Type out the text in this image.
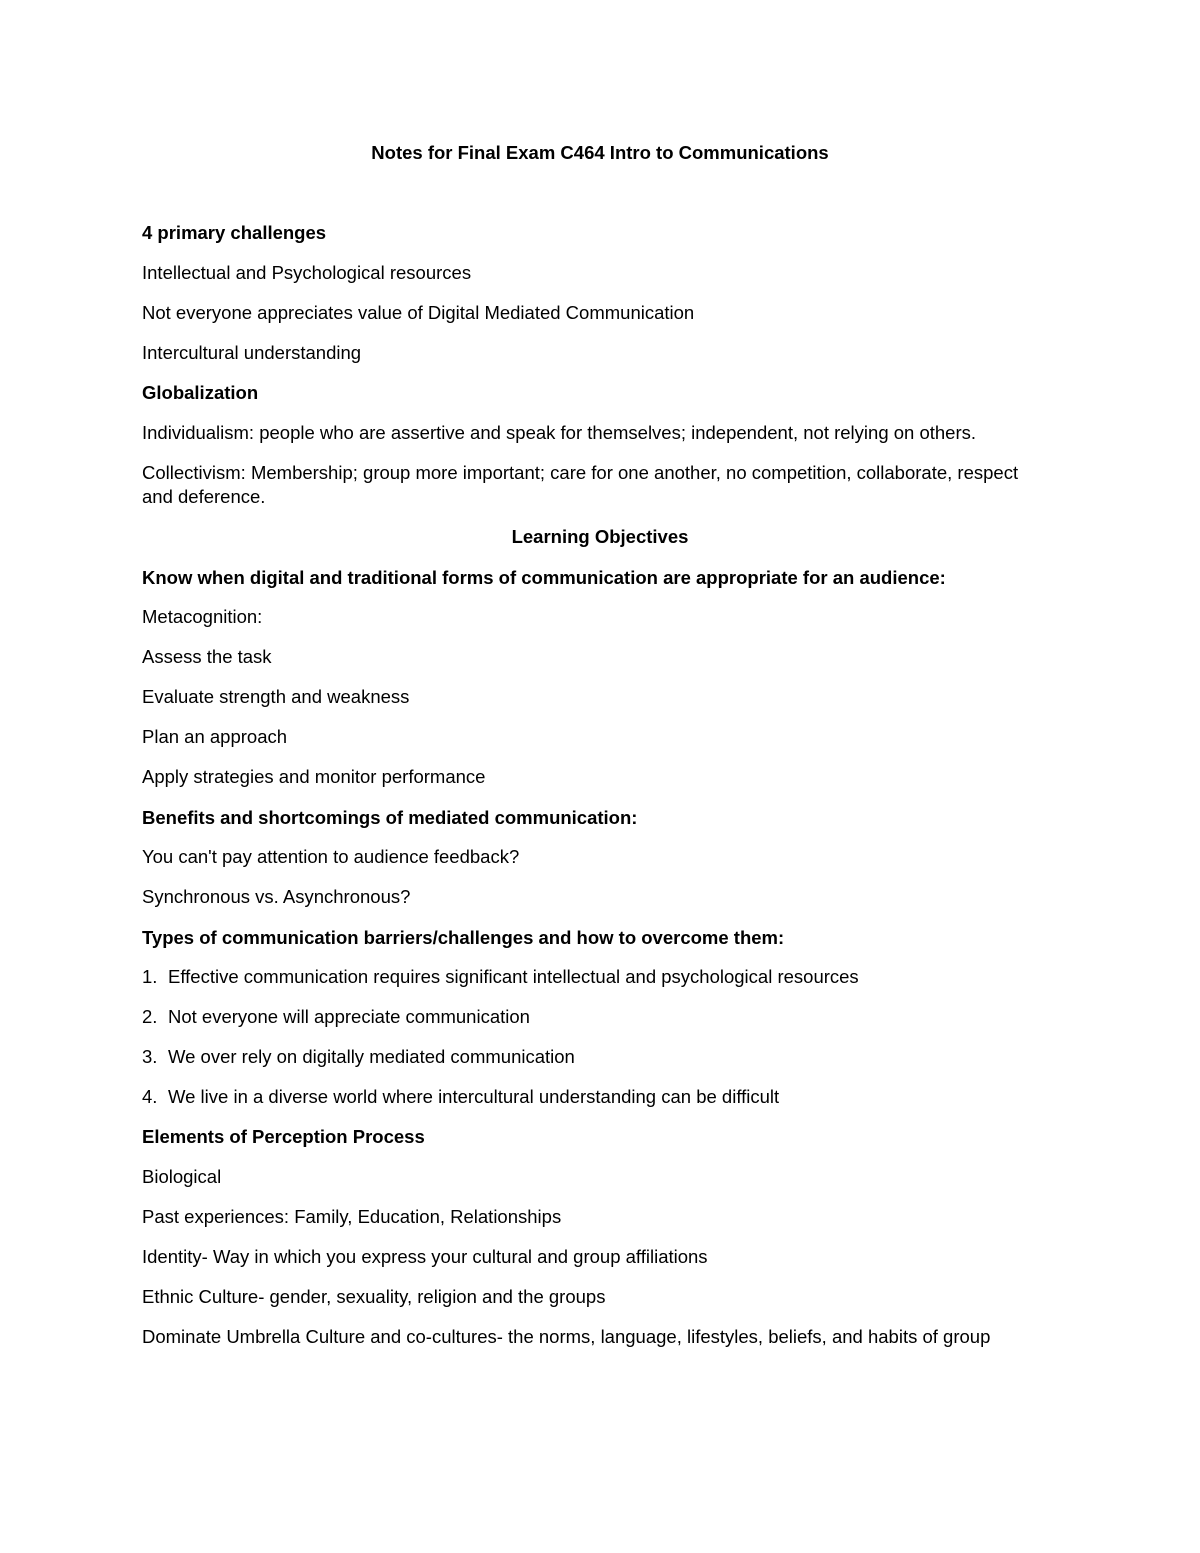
Notes for Final Exam C464 Intro to Communications
4 primary challenges
Intellectual and Psychological resources
Not everyone appreciates value of Digital Mediated Communication
Intercultural understanding
Globalization
Individualism: people who are assertive and speak for themselves; independent, not relying on others.
Collectivism: Membership; group more important; care for one another, no competition, collaborate, respect and deference.
Learning Objectives
Know when digital and traditional forms of communication are appropriate for an audience:
Metacognition:
Assess the task
Evaluate strength and weakness
Plan an approach
Apply strategies and monitor performance
Benefits and shortcomings of mediated communication:
You can't pay attention to audience feedback?
Synchronous vs. Asynchronous?
Types of communication barriers/challenges and how to overcome them:
1. Effective communication requires significant intellectual and psychological resources
2. Not everyone will appreciate communication
3. We over rely on digitally mediated communication
4. We live in a diverse world where intercultural understanding can be difficult
Elements of Perception Process
Biological
Past experiences: Family, Education, Relationships
Identity- Way in which you express your cultural and group affiliations
Ethnic Culture- gender, sexuality, religion and the groups
Dominate Umbrella Culture and co-cultures- the norms, language, lifestyles, beliefs, and habits of group
